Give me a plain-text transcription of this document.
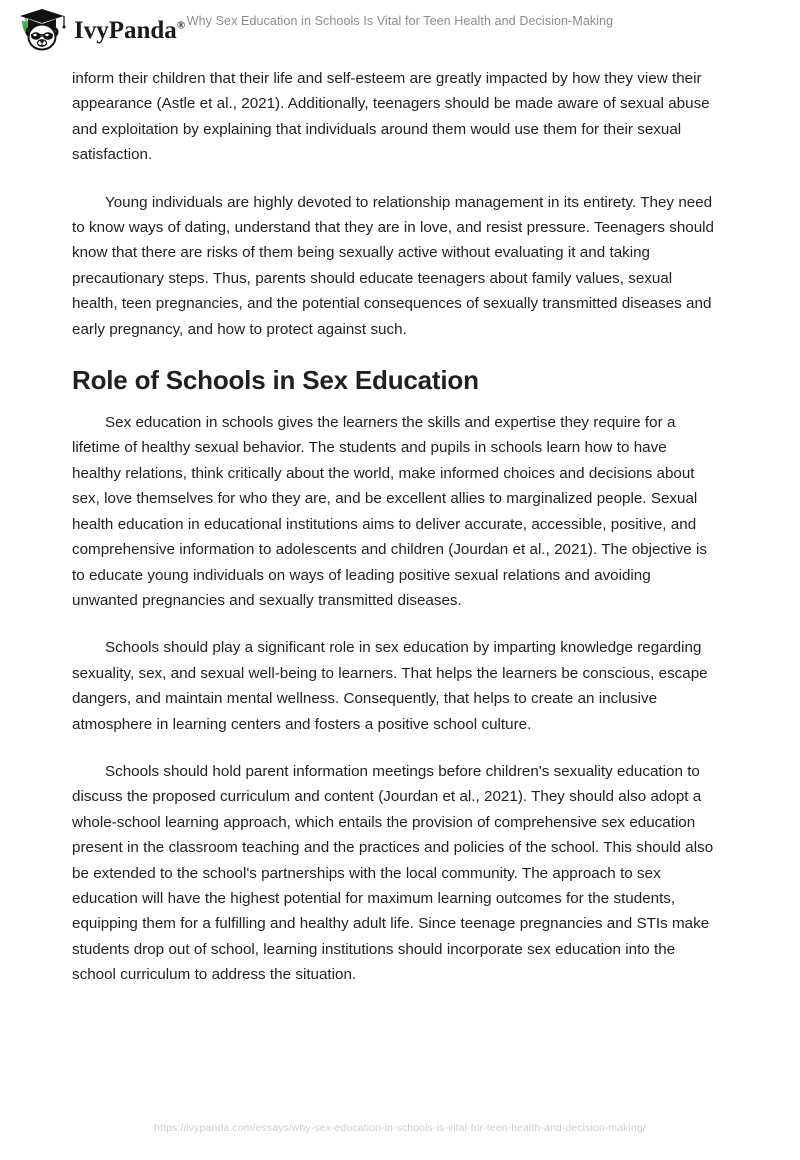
IvyPanda® Why Sex Education in Schools Is Vital for Teen Health and Decision-Making

inform their children that their life and self-esteem are greatly impacted by how they view their appearance (Astle et al., 2021). Additionally, teenagers should be made aware of sexual abuse and exploitation by explaining that individuals around them would use them for their sexual satisfaction.

Young individuals are highly devoted to relationship management in its entirety. They need to know ways of dating, understand that they are in love, and resist pressure. Teenagers should know that there are risks of them being sexually active without evaluating it and taking precautionary steps. Thus, parents should educate teenagers about family values, sexual health, teen pregnancies, and the potential consequences of sexually transmitted diseases and early pregnancy, and how to protect against such.

Role of Schools in Sex Education

Sex education in schools gives the learners the skills and expertise they require for a lifetime of healthy sexual behavior. The students and pupils in schools learn how to have healthy relations, think critically about the world, make informed choices and decisions about sex, love themselves for who they are, and be excellent allies to marginalized people. Sexual health education in educational institutions aims to deliver accurate, accessible, positive, and comprehensive information to adolescents and children (Jourdan et al., 2021). The objective is to educate young individuals on ways of leading positive sexual relations and avoiding unwanted pregnancies and sexually transmitted diseases.

Schools should play a significant role in sex education by imparting knowledge regarding sexuality, sex, and sexual well-being to learners. That helps the learners be conscious, escape dangers, and maintain mental wellness. Consequently, that helps to create an inclusive atmosphere in learning centers and fosters a positive school culture.

Schools should hold parent information meetings before children's sexuality education to discuss the proposed curriculum and content (Jourdan et al., 2021). They should also adopt a whole-school learning approach, which entails the provision of comprehensive sex education present in the classroom teaching and the practices and policies of the school. This should also be extended to the school's partnerships with the local community. The approach to sex education will have the highest potential for maximum learning outcomes for the students, equipping them for a fulfilling and healthy adult life. Since teenage pregnancies and STIs make students drop out of school, learning institutions should incorporate sex education into the school curriculum to address the situation.

https://ivypanda.com/essays/why-sex-education-in-schools-is-vital-for-teen-health-and-decision-making/
